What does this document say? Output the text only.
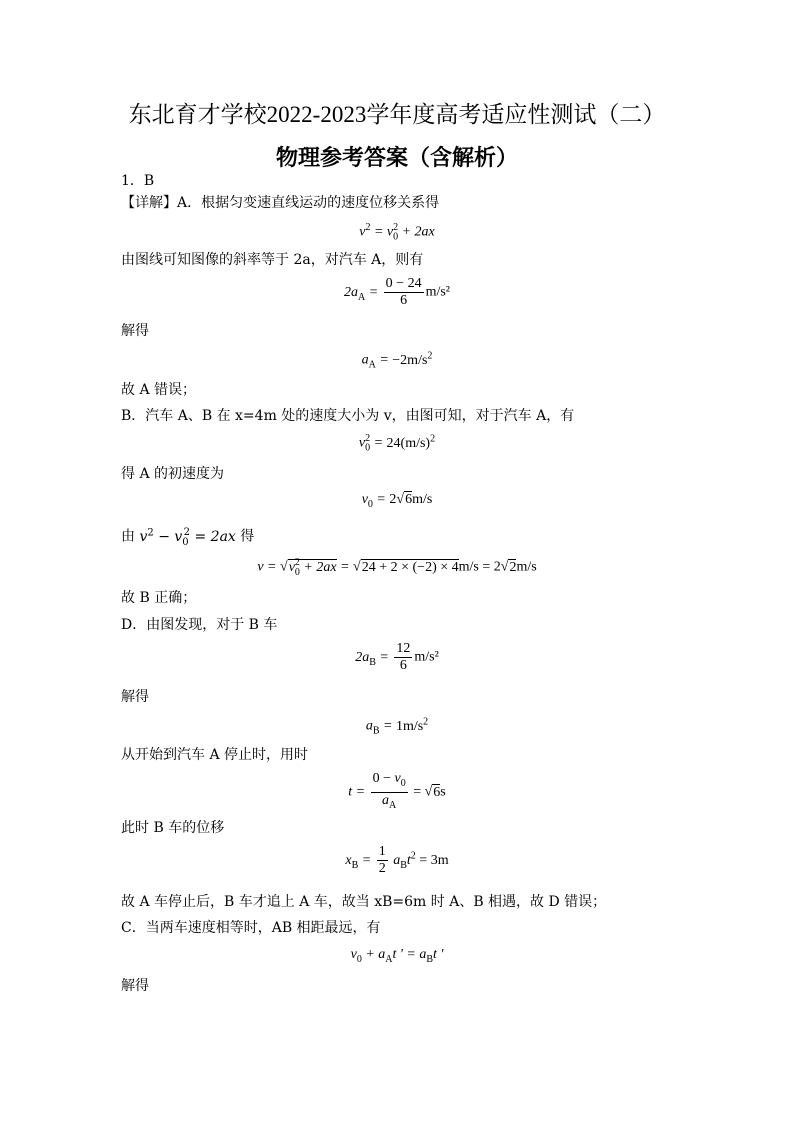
东北育才学校2022-2023学年度高考适应性测试（二）
物理参考答案（含解析）
1．B
【详解】A．根据匀变速直线运动的速度位移关系得
$v^2 = v_0^2 + 2ax$
由图线可知图像的斜率等于 2a，对汽车 A，则有
$2a_A = \frac{0 - 24}{6} m/s^2$
解得
$a_A = -2m/s^2$
故 A 错误；
B．汽车 A、B 在 x=4m 处的速度大小为 v，由图可知，对于汽车 A，有
$v_0^2 = 24(m/s)^2$
得 A 的初速度为
$v_0 = 2√6m/s$
由 $v^2 - v_0^2 = 2ax$ 得
$v = √v_0^2 + 2ax = √24 + 2 \times (-2) \times 4m/s = 2√2m/s$
故 B 正确；
D．由图发现，对于 B 车
$2a_B = \frac{12}{6} m/s^2$
解得
$a_B = 1m/s^2$
从开始到汽车 A 停止时，用时
$t = \frac{0 - v_0}{a_A} = √6s$
此时 B 车的位移
$x_B = \frac{1}{2} a_Bt^2 = 3m$
故 A 车停止后，B 车才追上 A 车，故当 xB=6m 时 A、B 相遇，故 D 错误；
C．当两车速度相等时，AB 相距最远，有
$v_0 + a_At$ ' = $a_Bt$ '
解得
